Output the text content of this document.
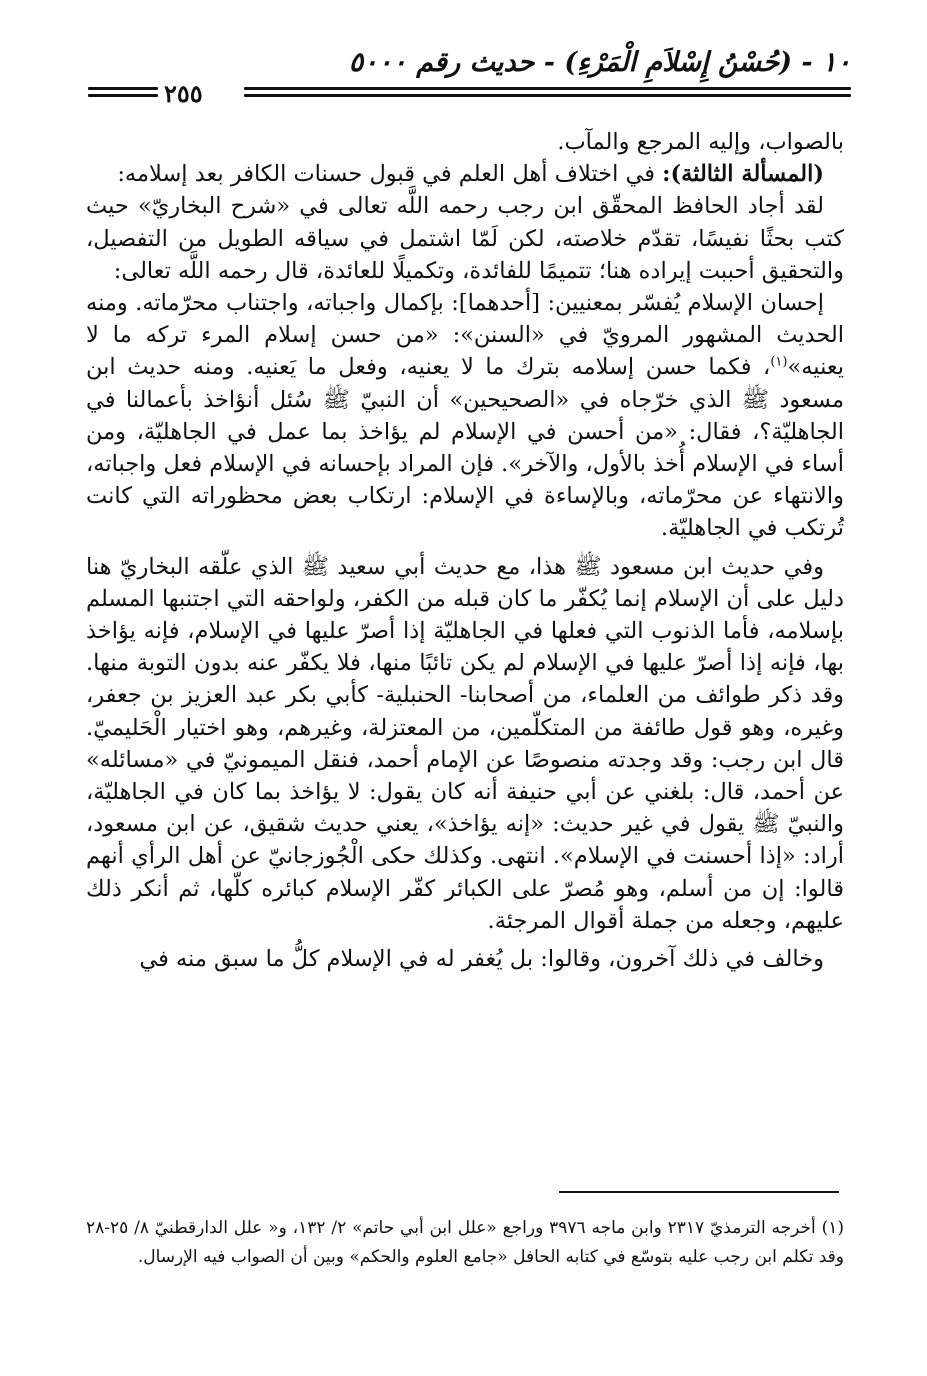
١٠ - (حُسْنُ إِسْلاَمِ الْمَرْءِ) - حديث رقم ٥٠٠٠
٢٥٥

بالصواب، وإليه المرجع والمآب.

(المسألة الثالثة): في اختلاف أهل العلم في قبول حسنات الكافر بعد إسلامه:

لقد أجاد الحافظ المحقّق ابن رجب رحمه اللَّه تعالى في «شرح البخاريّ» حيث كتب بحثًا نفيسًا، تقدّم خلاصته، لكن لَمّا اشتمل في سياقه الطويل من التفصيل، والتحقيق أحببت إيراده هنا؛ تتميمًا للفائدة، وتكميلًا للعائدة، قال رحمه اللَّه تعالى:

إحسان الإسلام يُفسّر بمعنيين: [أحدهما]: بإكمال واجباته، واجتناب محرّماته. ومنه الحديث المشهور المرويّ في «السنن»: «من حسن إسلام المرء تركه ما لا يعنيه»$^{(١)}$، فكما حسن إسلامه بترك ما لا يعنيه، وفعل ما يَعنيه. ومنه حديث ابن مسعود ﷺ الذي خرّجاه في «الصحيحين» أن النبيّ ﷺ سُئل أنؤاخذ بأعمالنا في الجاهليّة؟، فقال: «من أحسن في الإسلام لم يؤاخذ بما عمل في الجاهليّة، ومن أساء في الإسلام أُخذ بالأول، والآخر». فإن المراد بإحسانه في الإسلام فعل واجباته، والانتهاء عن محرّماته، وبالإساءة في الإسلام: ارتكاب بعض محظوراته التي كانت تُرتكب في الجاهليّة.

وفي حديث ابن مسعود ﷺ هذا، مع حديث أبي سعيد ﷺ الذي علّقه البخاريّ هنا دليل على أن الإسلام إنما يُكفّر ما كان قبله من الكفر، ولواحقه التي اجتنبها المسلم بإسلامه، فأما الذنوب التي فعلها في الجاهليّة إذا أصرّ عليها في الإسلام، فإنه يؤاخذ بها، فإنه إذا أصرّ عليها في الإسلام لم يكن تائبًا منها، فلا يكفّر عنه بدون التوبة منها. وقد ذكر طوائف من العلماء، من أصحابنا- الحنبلية- كأبي بكر عبد العزيز بن جعفر، وغيره، وهو قول طائفة من المتكلّمين، من المعتزلة، وغيرهم، وهو اختيار الْحَليميّ. قال ابن رجب: وقد وجدته منصوصًا عن الإمام أحمد، فنقل الميمونيّ في «مسائله» عن أحمد، قال: بلغني عن أبي حنيفة أنه كان يقول: لا يؤاخذ بما كان في الجاهليّة، والنبيّ ﷺ يقول في غير حديث: «إنه يؤاخذ»، يعني حديث شقيق، عن ابن مسعود، أراد: «إذا أحسنت في الإسلام». انتهى. وكذلك حكى الْجُوزجانيّ عن أهل الرأي أنهم قالوا: إن من أسلم، وهو مُصرّ على الكبائر كفّر الإسلام كبائره كلّها، ثم أنكر ذلك عليهم، وجعله من جملة أقوال المرجئة.

وخالف في ذلك آخرون، وقالوا: بل يُغفر له في الإسلام كلُّ ما سبق منه في

(١) أخرجه الترمذيّ ٢٣١٧ وابن ماجه ٣٩٧٦ وراجع «علل ابن أبي حاتم» ٢/ ١٣٢، و« علل الدارقطنيّ ٨/ ٢٥-٢٨ وقد تكلم ابن رجب عليه بتوسّع في كتابه الحافل «جامع العلوم والحكم» وبين أن الصواب فيه الإرسال.
